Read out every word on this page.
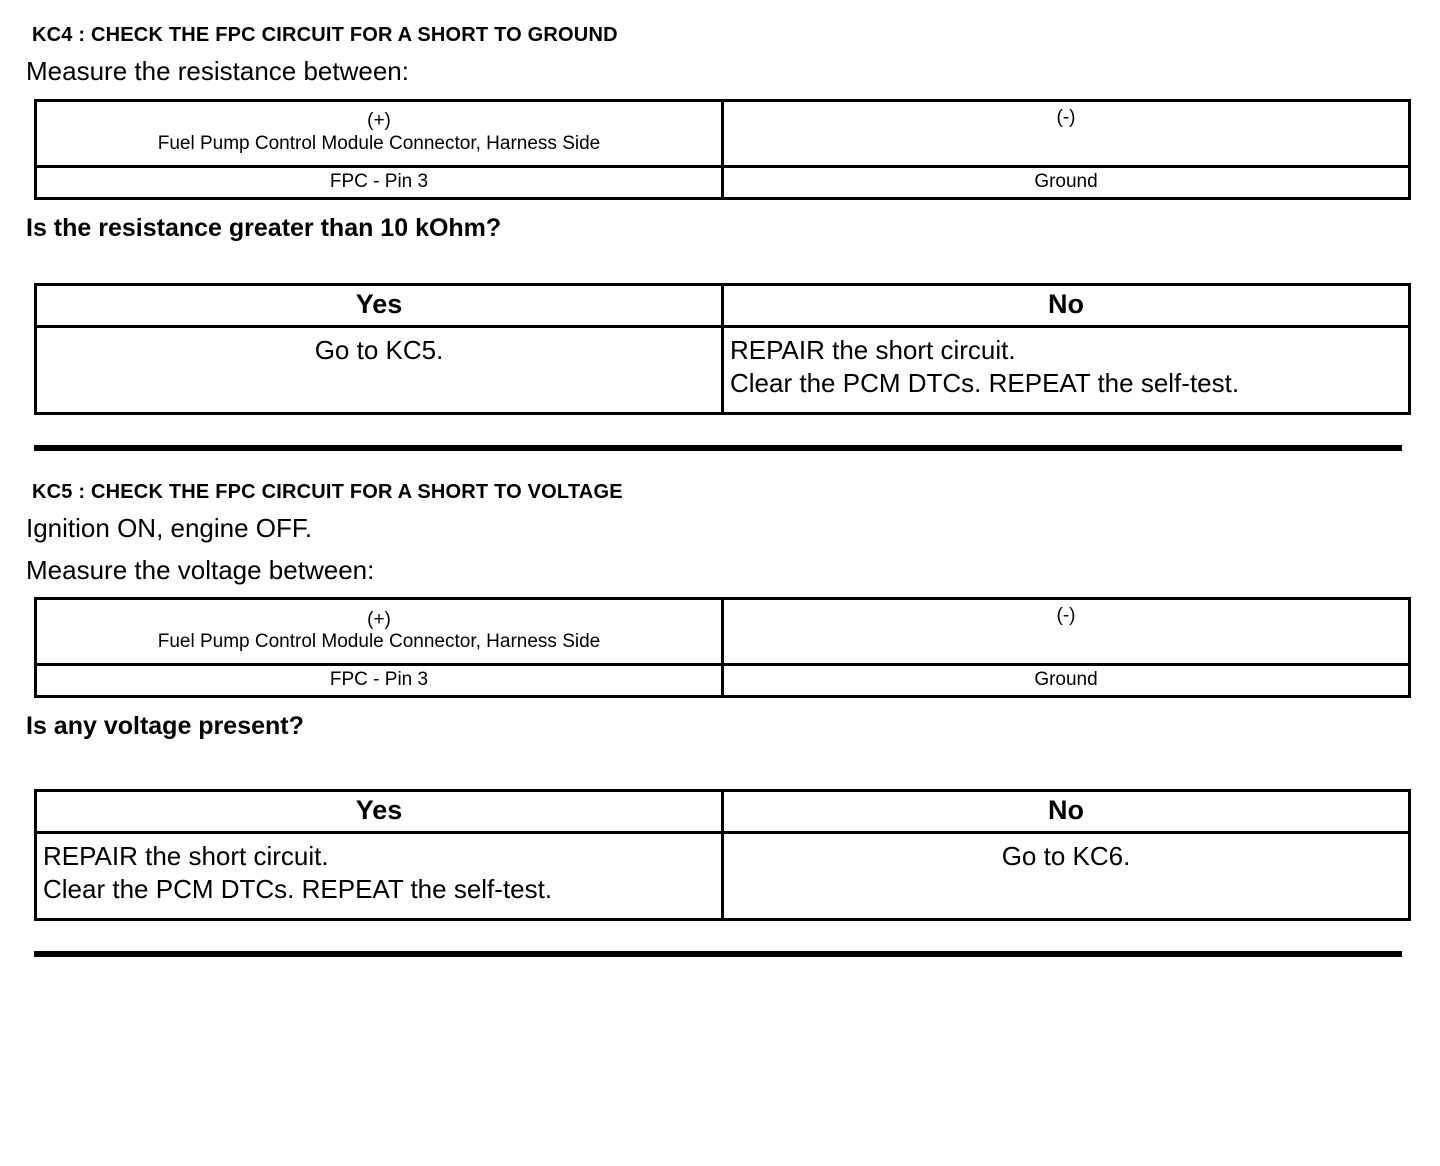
KC4 : CHECK THE FPC CIRCUIT FOR A SHORT TO GROUND
Measure the resistance between:
(+)
Fuel Pump Control Module Connector, Harness Side	(-)

FPC - Pin 3	Ground
Is the resistance greater than 10 kOhm?
Yes	No

Go to KC5.	REPAIR the short circuit.
Clear the PCM DTCs. REPEAT the self-test.
KC5 : CHECK THE FPC CIRCUIT FOR A SHORT TO VOLTAGE
Ignition ON, engine OFF.
Measure the voltage between:
(+)
Fuel Pump Control Module Connector, Harness Side	(-)

FPC - Pin 3	Ground
Is any voltage present?
Yes	No

REPAIR the short circuit.
Clear the PCM DTCs. REPEAT the self-test.	Go to KC6.
